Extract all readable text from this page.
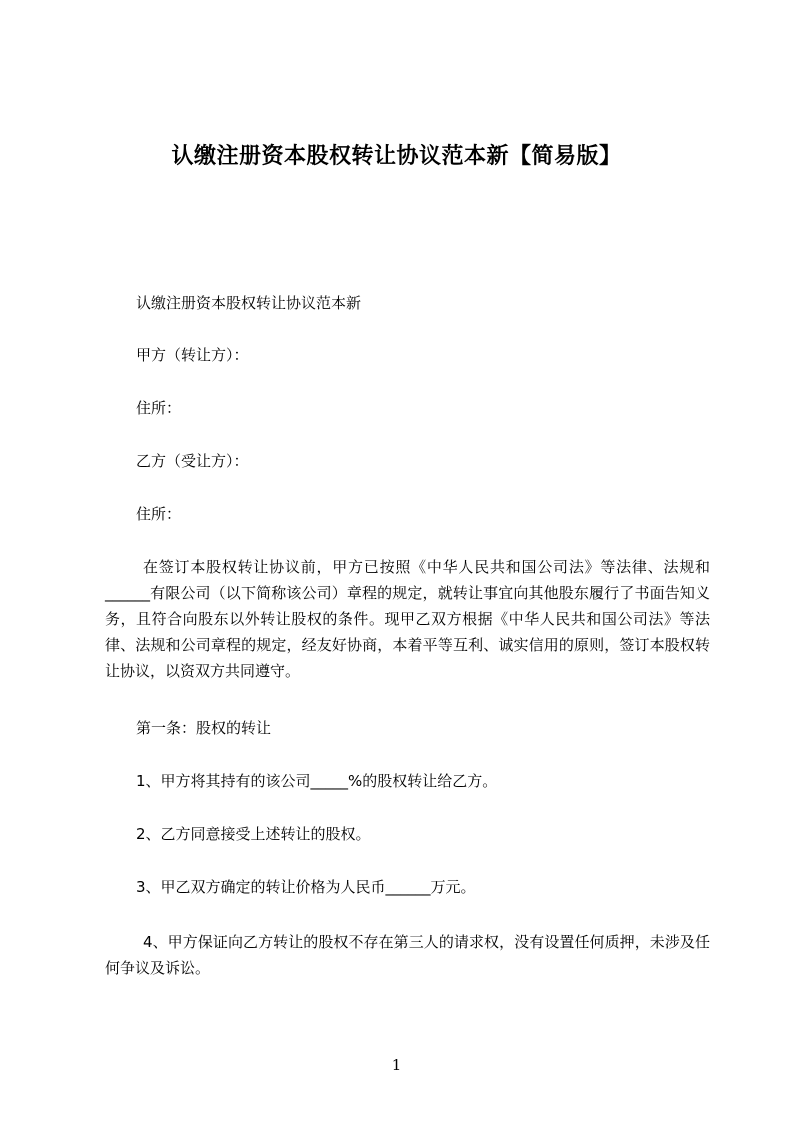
认缴注册资本股权转让协议范本新【简易版】
认缴注册资本股权转让协议范本新
甲方（转让方）：
住所：
乙方（受让方）：
住所：
在签订本股权转让协议前，甲方已按照《中华人民共和国公司法》等法律、法规和______有限公司（以下简称该公司）章程的规定，就转让事宜向其他股东履行了书面告知义务，且符合向股东以外转让股权的条件。现甲乙双方根据《中华人民共和国公司法》等法律、法规和公司章程的规定，经友好协商，本着平等互利、诚实信用的原则，签订本股权转让协议，以资双方共同遵守。
第一条：股权的转让
1、甲方将其持有的该公司_____%的股权转让给乙方。
2、乙方同意接受上述转让的股权。
3、甲乙双方确定的转让价格为人民币______万元。
4、甲方保证向乙方转让的股权不存在第三人的请求权，没有设置任何质押，未涉及任何争议及诉讼。
1
